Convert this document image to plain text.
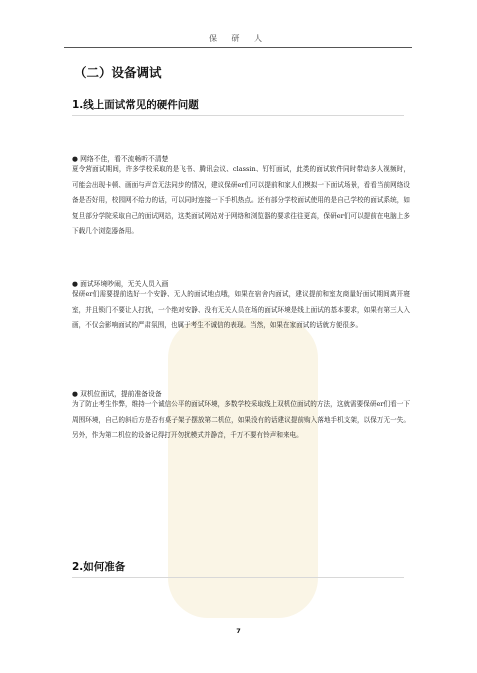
保 研 人
（二）设备调试
1.线上面试常见的硬件问题
● 网络不佳，看不流畅听不清楚
夏令营面试期间，许多学校采取的是飞书、腾讯会议、classin、钉钉面试，此类的面试软件同时带动多人视频时，可能会出现卡顿、画面与声音无法同步的情况，建议保研er们可以提前和家人们模拟一下面试场景，看看当前网络设备是否好用，校园网不给力的话，可以同时连接一下手机热点。还有部分学校面试使用的是自己学校的面试系统，如复旦部分学院采取自己的面试网站，这类面试网站对于网络和浏览器的要求往往更高，保研er们可以提前在电脑上多下载几个浏览器备用。
● 面试环境吵闹，无关人员入画
保研er们需要提前选好一个安静、无人的面试地点哦，如果在宿舍内面试，建议提前和室友商量好面试期间离开寝室，并且锁门不要让人打扰，一个绝对安静、没有无关人员在场的面试环境是线上面试的基本要求，如果有第三人入画，不仅会影响面试的严肃氛围，也属于考生不诚信的表现。当然，如果在家面试的话就方便很多。
● 双机位面试，提前准备设备
为了防止考生作弊，维持一个诚信公平的面试环境，多数学校采取线上双机位面试的方法，这就需要保研er们看一下周围环境，自己的斜后方是否有桌子架子摆放第二机位，如果没有的话建议提前购入落地手机支架，以保万无一失。另外，作为第二机位的设备记得打开勿扰模式并静音，千万不要有铃声和来电。
2.如何准备
7
